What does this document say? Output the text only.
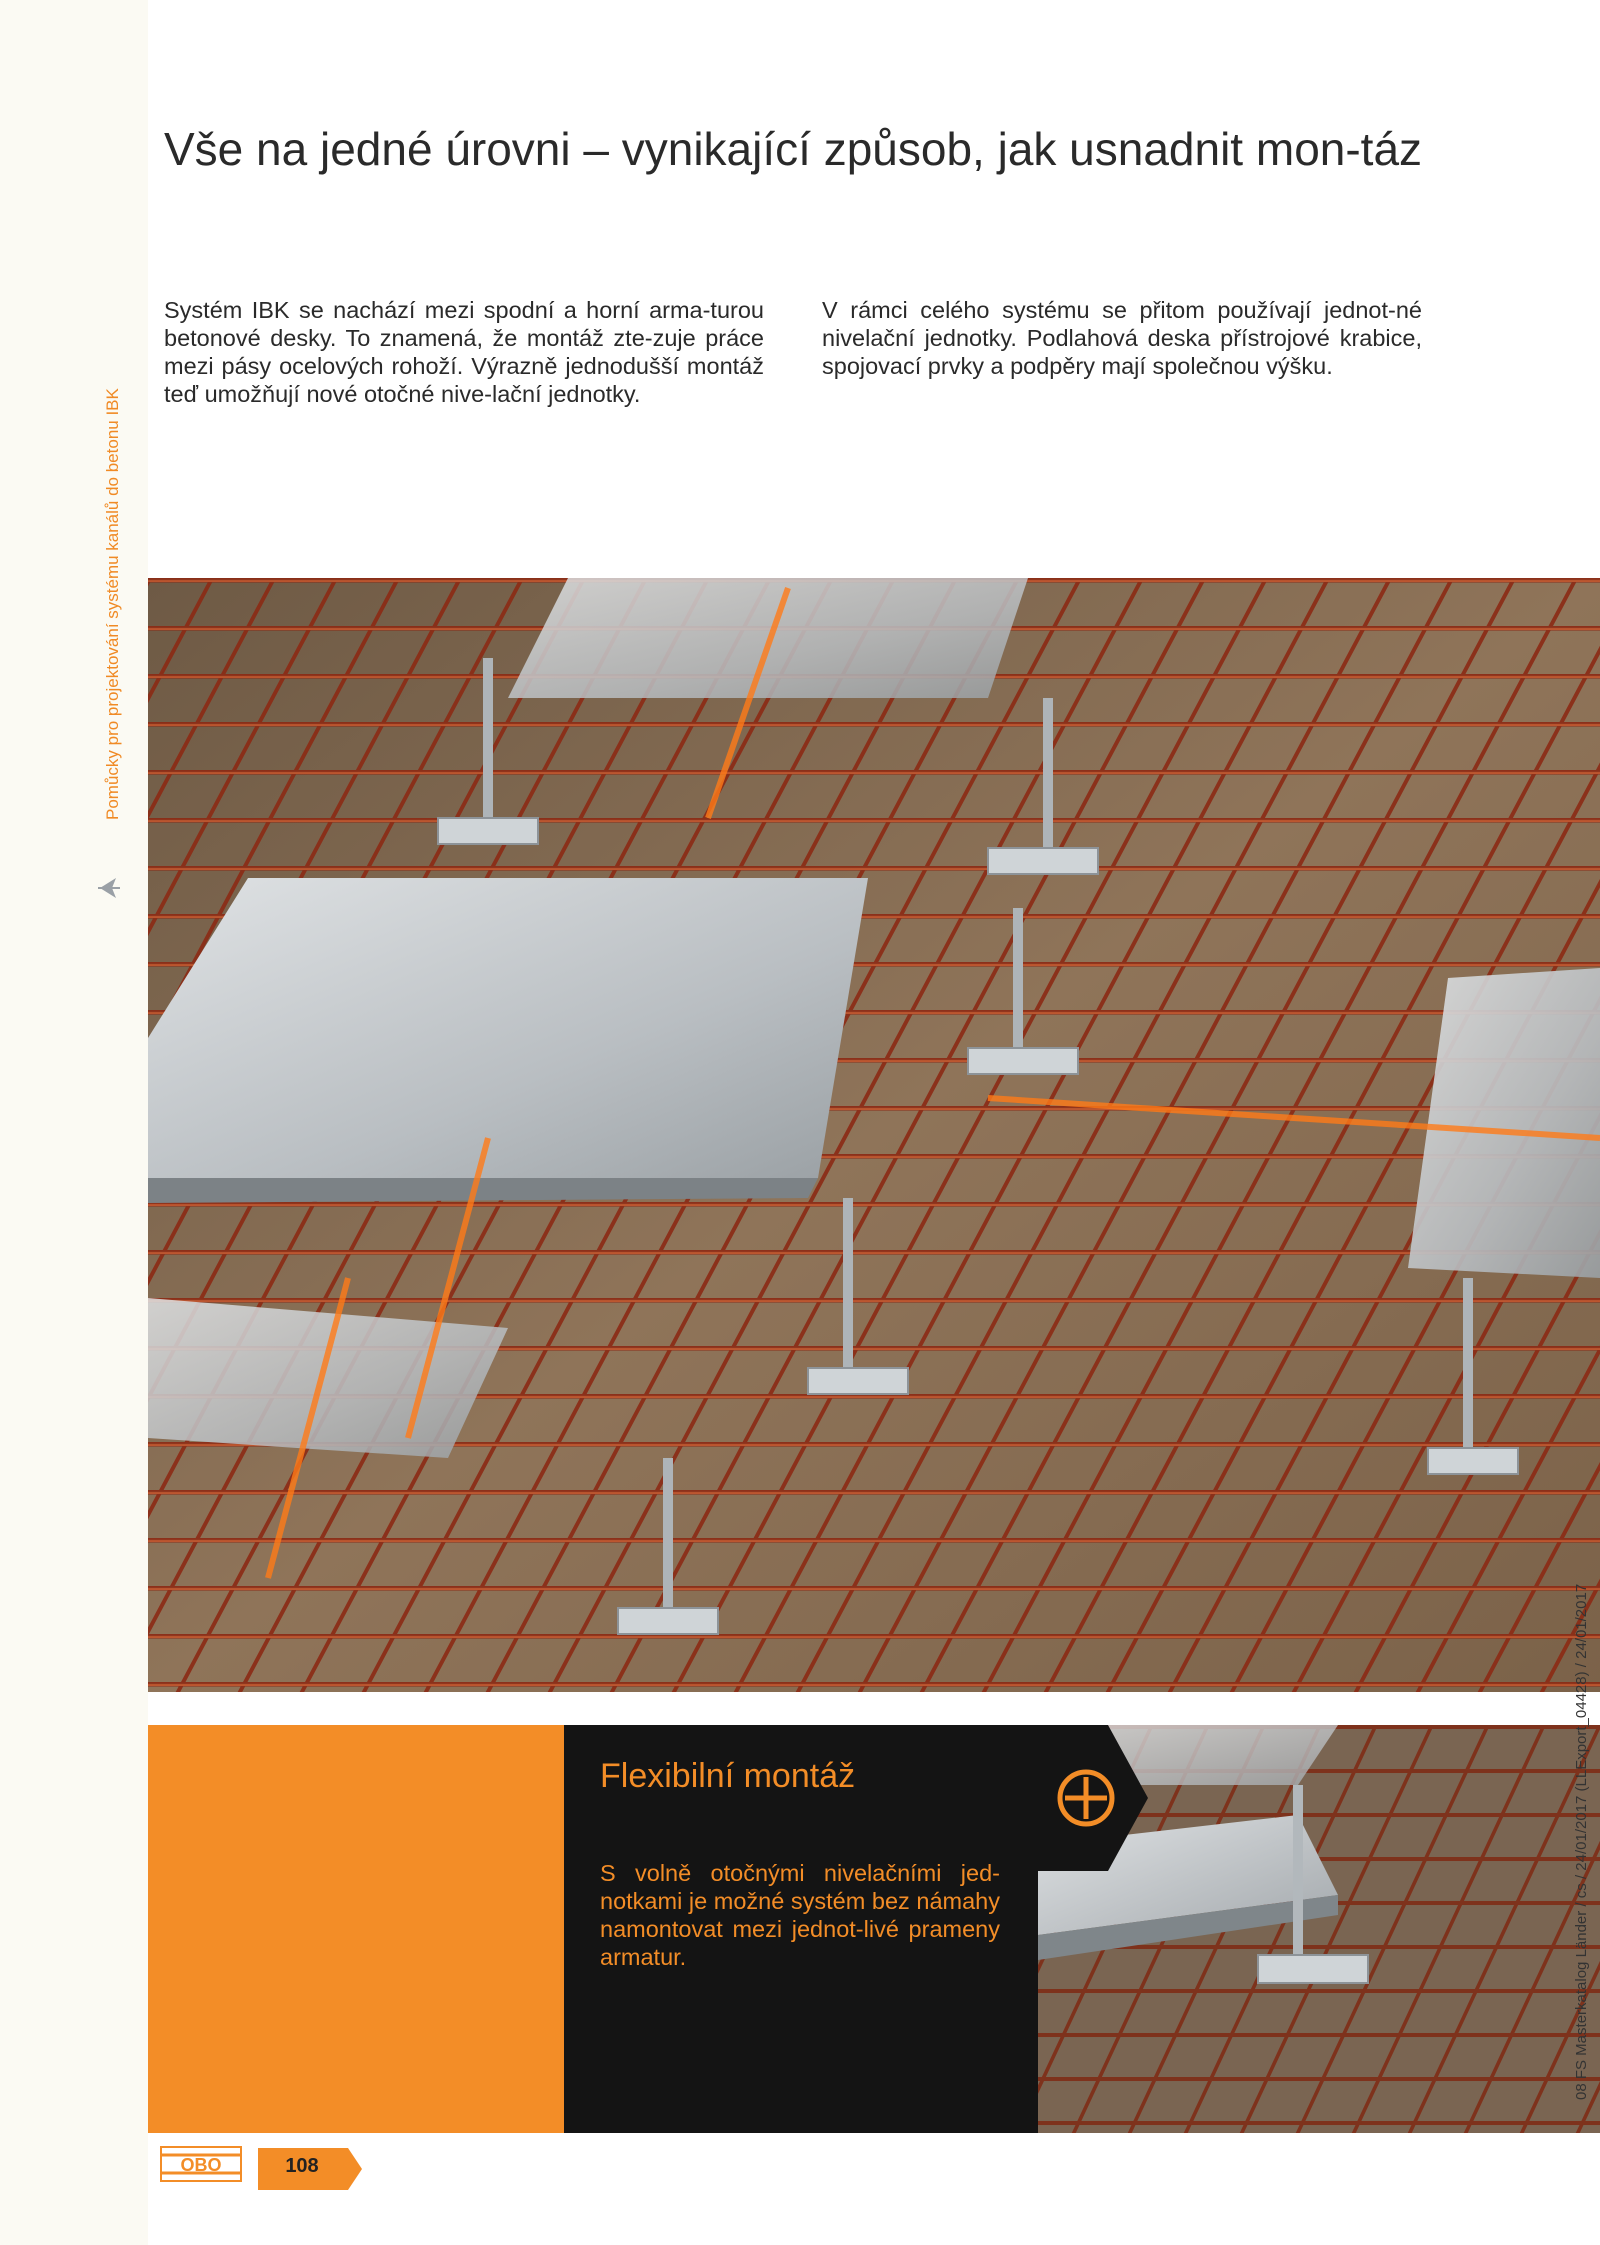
Pomůcky pro projektování systému kanálů do betonu IBK
Vše na jedné úrovni – vynikající způsob, jak usnadnit mon-táz

Systém IBK se nachází mezi spodní a horní arma-turou betonové desky. To znamená, že montáž zte-zuje práce mezi pásy ocelových rohoží. Výrazně jednodušší montáž teď umožňují nové otočné nive-lační jednotky.

V rámci celého systému se přitom používají jednot-né nivelační jednotky. Podlahová deska přístrojové krabice, spojovací prvky a podpěry mají společnou výšku.

Flexibilní montáž

S volně otočnými nivelačními jed-notkami je možné systém bez námahy namontovat mezi jednot-livé prameny armatur.	08 FS Masterkatalog Länder / cs / 24/01/2017 (LLExport_04428) / 24/01/2017
OBO	108
